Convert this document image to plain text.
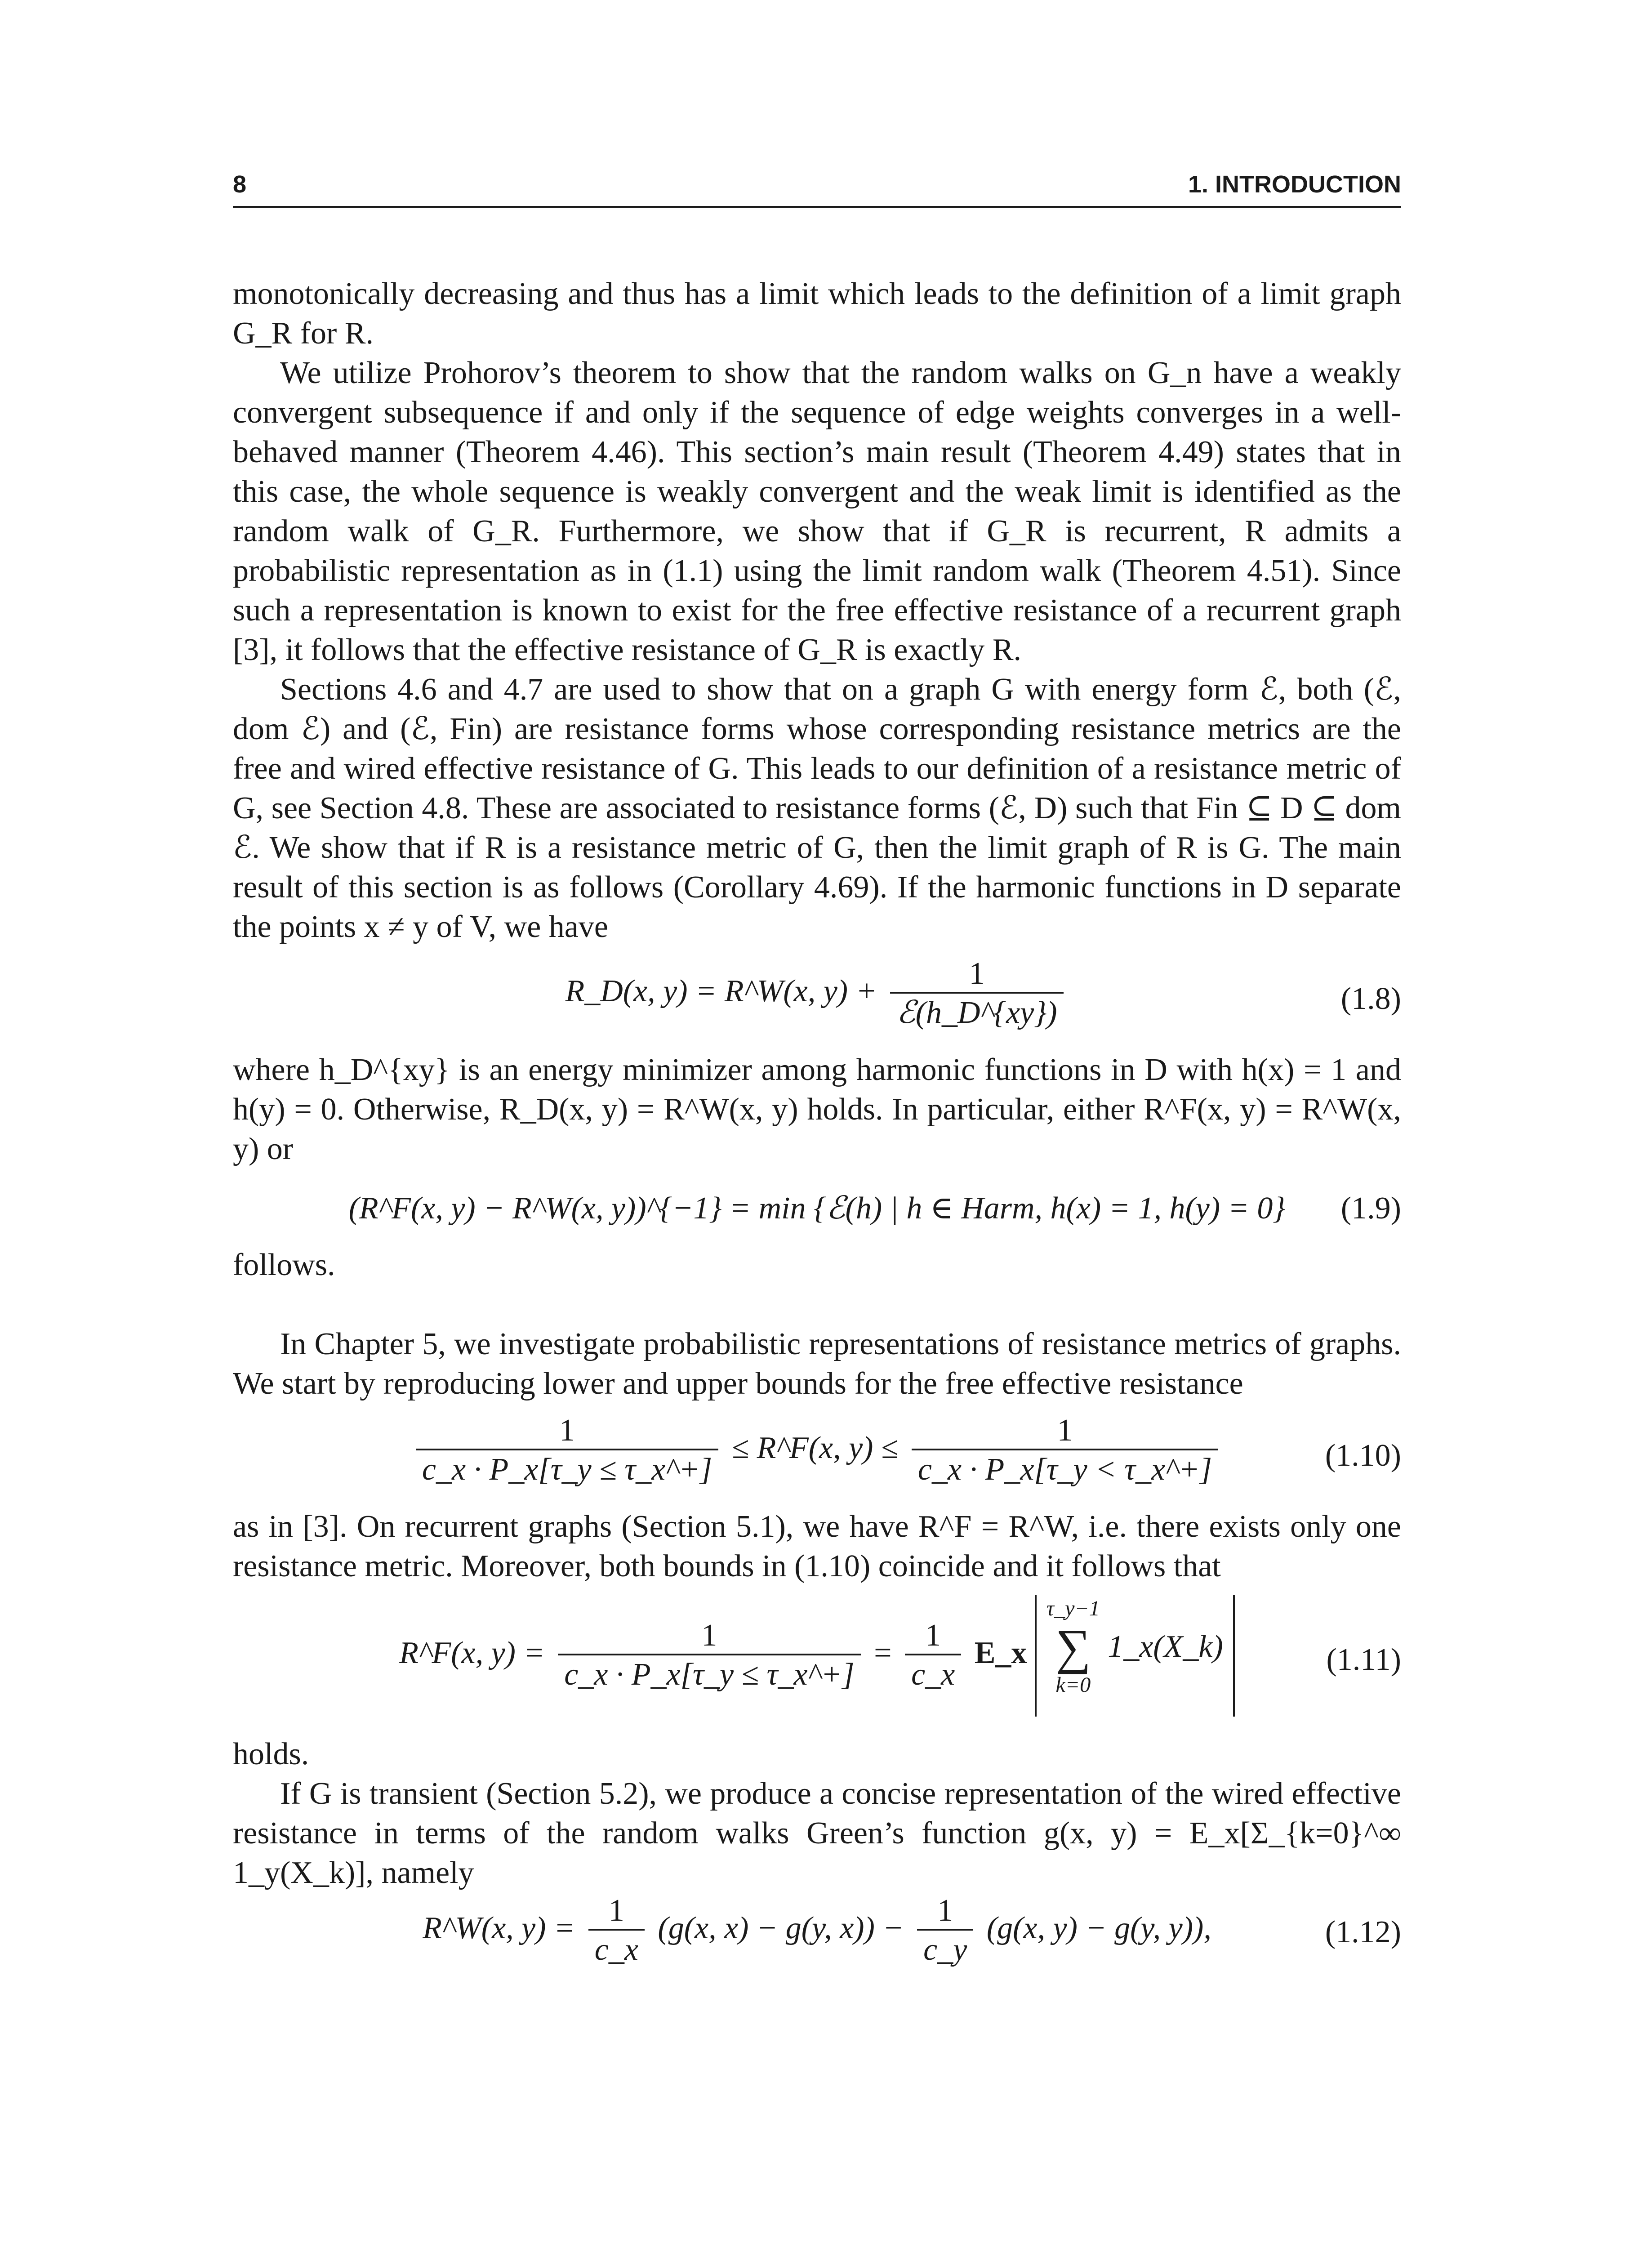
8	1. INTRODUCTION

monotonically decreasing and thus has a limit which leads to the definition of a limit graph G_R for R.

We utilize Prohorov’s theorem to show that the random walks on G_n have a weakly convergent subsequence if and only if the sequence of edge weights converges in a well-behaved manner (Theorem 4.46). This section’s main result (Theorem 4.49) states that in this case, the whole sequence is weakly convergent and the weak limit is identified as the random walk of G_R. Furthermore, we show that if G_R is recurrent, R admits a probabilistic representation as in (1.1) using the limit random walk (Theorem 4.51). Since such a representation is known to exist for the free effective resistance of a recurrent graph [3], it follows that the effective resistance of G_R is exactly R.

Sections 4.6 and 4.7 are used to show that on a graph G with energy form ℰ, both (ℰ, dom ℰ) and (ℰ, Fin) are resistance forms whose corresponding resistance metrics are the free and wired effective resistance of G. This leads to our definition of a resistance metric of G, see Section 4.8. These are associated to resistance forms (ℰ, D) such that Fin ⊆ D ⊆ dom ℰ. We show that if R is a resistance metric of G, then the limit graph of R is G. The main result of this section is as follows (Corollary 4.69). If the harmonic functions in D separate the points x ≠ y of V, we have

R_D(x, y) = R^W(x, $y) + \frac{1}{\text{ℰ(h\_D\textasciicircum{}\{xy\})}}$	(1.8)

where h_D^{xy} is an energy minimizer among harmonic functions in D with h(x) = 1 and h(y) = 0. Otherwise, R_D(x, y) = R^W(x, y) holds. In particular, either R^F(x, y) = R^W(x, y) or

(R^F(x, y) − R^W(x, y))^{−1} = min {ℰ(h) | h ∈ Harm, h(x) = 1, h(y) = 0}	(1.9)

follows.

In Chapter 5, we investigate probabilistic representations of resistance metrics of graphs. We start by reproducing lower and upper bounds for the free effective resistance

$\frac{1}{c\_x \cdot P\_x[\tau\_y \le \tau\_x\^{}+]}$ ≤ R^F(x, $y) \le \frac{1}{c\_x \cdot P\_x[\tau\_y < \tau\_x\^{}+]}$	(1.10)

as in [3]. On recurrent graphs (Section 5.1), we have R^F = R^W, i.e. there exists only one resistance metric. Moreover, both bounds in (1.10) coincide and it follows that

R^F(x, $y) = \frac{1}{c\_x \cdot P\_x[\tau\_y \le \tau\_x\^{}+]} = \frac{1}{c\_x}$ E_x
τ_y−1
∑
k=0
1_x(X_k)	(1.11)

holds.

If G is transient (Section 5.2), we produce a concise representation of the wired effective resistance in terms of the random walks Green’s function g(x, y) = E_x[Σ_{k=0}^∞ 1_y(X_k)], namely

R^W(x, $y) = \frac{1}{c\_x} (g(x$, x) − g(y, $x)) - \frac{1}{c\_y} (g(x$, y) − g(y, y)),	(1.12)
